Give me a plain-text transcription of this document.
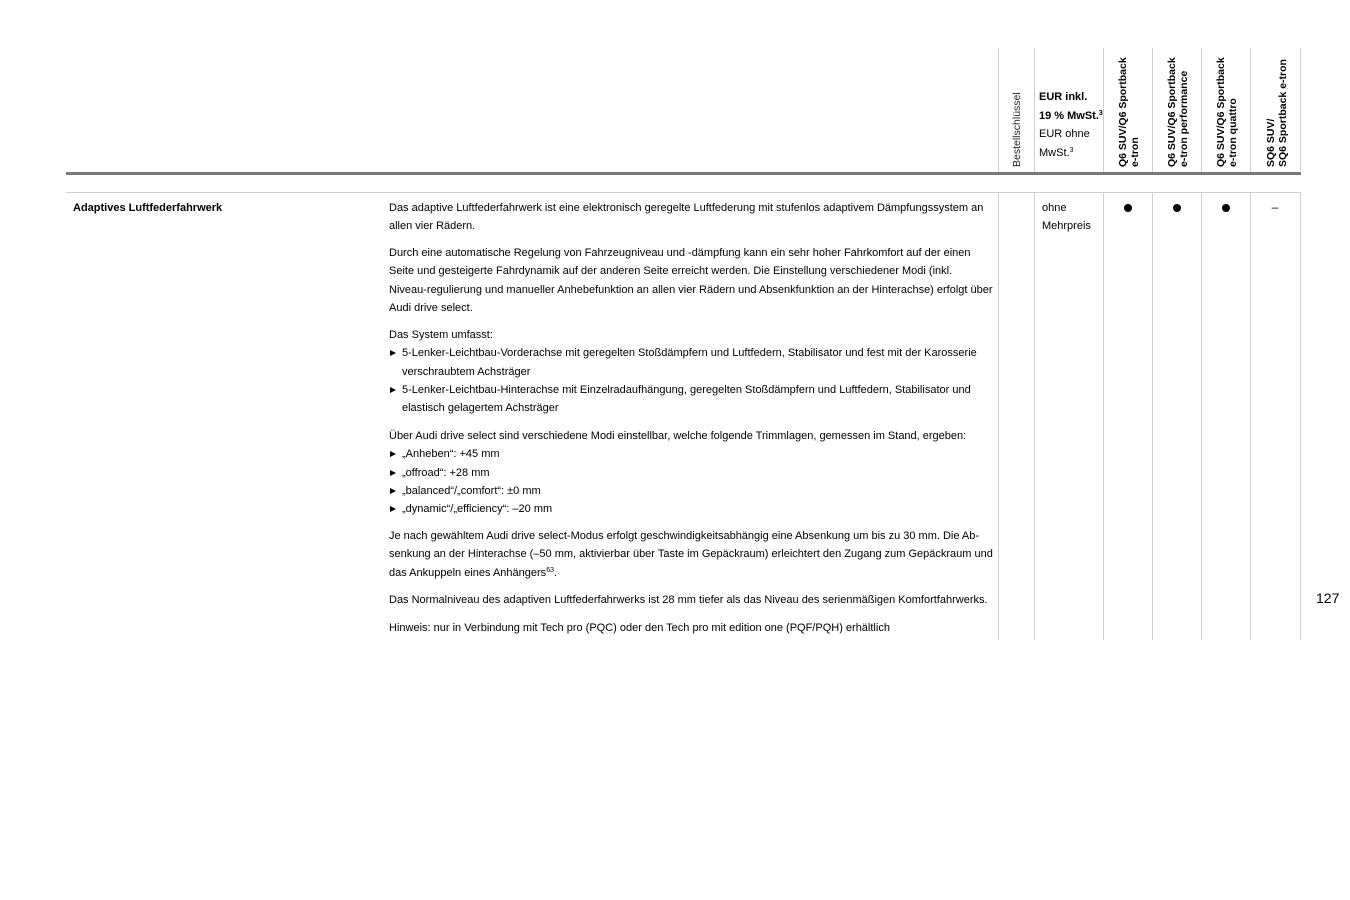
Bestellschlüssel EUR inkl.
19 % MwSt.$^3$
EUR ohne
MwSt.$^3$	Q6 SUV/Q6 Sportback e-tron Q6 SUV/Q6 Sportback e-tron performance Q6 SUV/Q6 Sportback e-tron quattro SQ6 SUV/ SQ6 Sportback e-tron
Adaptives Luftfederfahrwerk	Das adaptive Luftfederfahrwerk ist eine elektronisch geregelte Luftfederung mit stufenlos adaptivem Dämpfungssystem an allen vier Rädern.

Durch eine automatische Regelung von Fahrzeugniveau und -dämpfung kann ein sehr hoher Fahrkomfort auf der einen Seite und gesteigerte Fahrdynamik auf der anderen Seite erreicht werden. Die Einstellung verschiedener Modi (inkl. Niveau-regulierung und manueller Anhebefunktion an allen vier Rädern und Absenkfunktion an der Hinterachse) erfolgt über Audi drive select.

Das System umfasst:

5-Lenker-Leichtbau-Vorderachse mit geregelten Stoßdämpfern und Luftfedern, Stabilisator und fest mit der Karosserie verschraubtem Achsträger
5-Lenker-Leichtbau-Hinterachse mit Einzelradaufhängung, geregelten Stoßdämpfern und Luftfedern, Stabilisator und elastisch gelagertem Achsträger

Über Audi drive select sind verschiedene Modi einstellbar, welche folgende Trimmlagen, gemessen im Stand, ergeben:

„Anheben“: +45 mm
„offroad“: +28 mm
„balanced“/„comfort“: ±0 mm
„dynamic“/„efficiency“: –20 mm

Je nach gewähltem Audi drive select-Modus erfolgt geschwindigkeitsabhängig eine Absenkung um bis zu 30 mm. Die Ab-senkung an der Hinterachse (–50 mm, aktivierbar über Taste im Gepäckraum) erleichtert den Zugang zum Gepäckraum und das Ankuppeln eines Anhängers$^{63}$.

Das Normalniveau des adaptiven Luftfederfahrwerks ist 28 mm tiefer als das Niveau des serienmäßigen Komfortfahrwerks.

Hinweis: nur in Verbindung mit Tech pro (PQC) oder den Tech pro mit edition one (PQF/PQH) erhältlich

ohne
Mehrpreis
–
127
